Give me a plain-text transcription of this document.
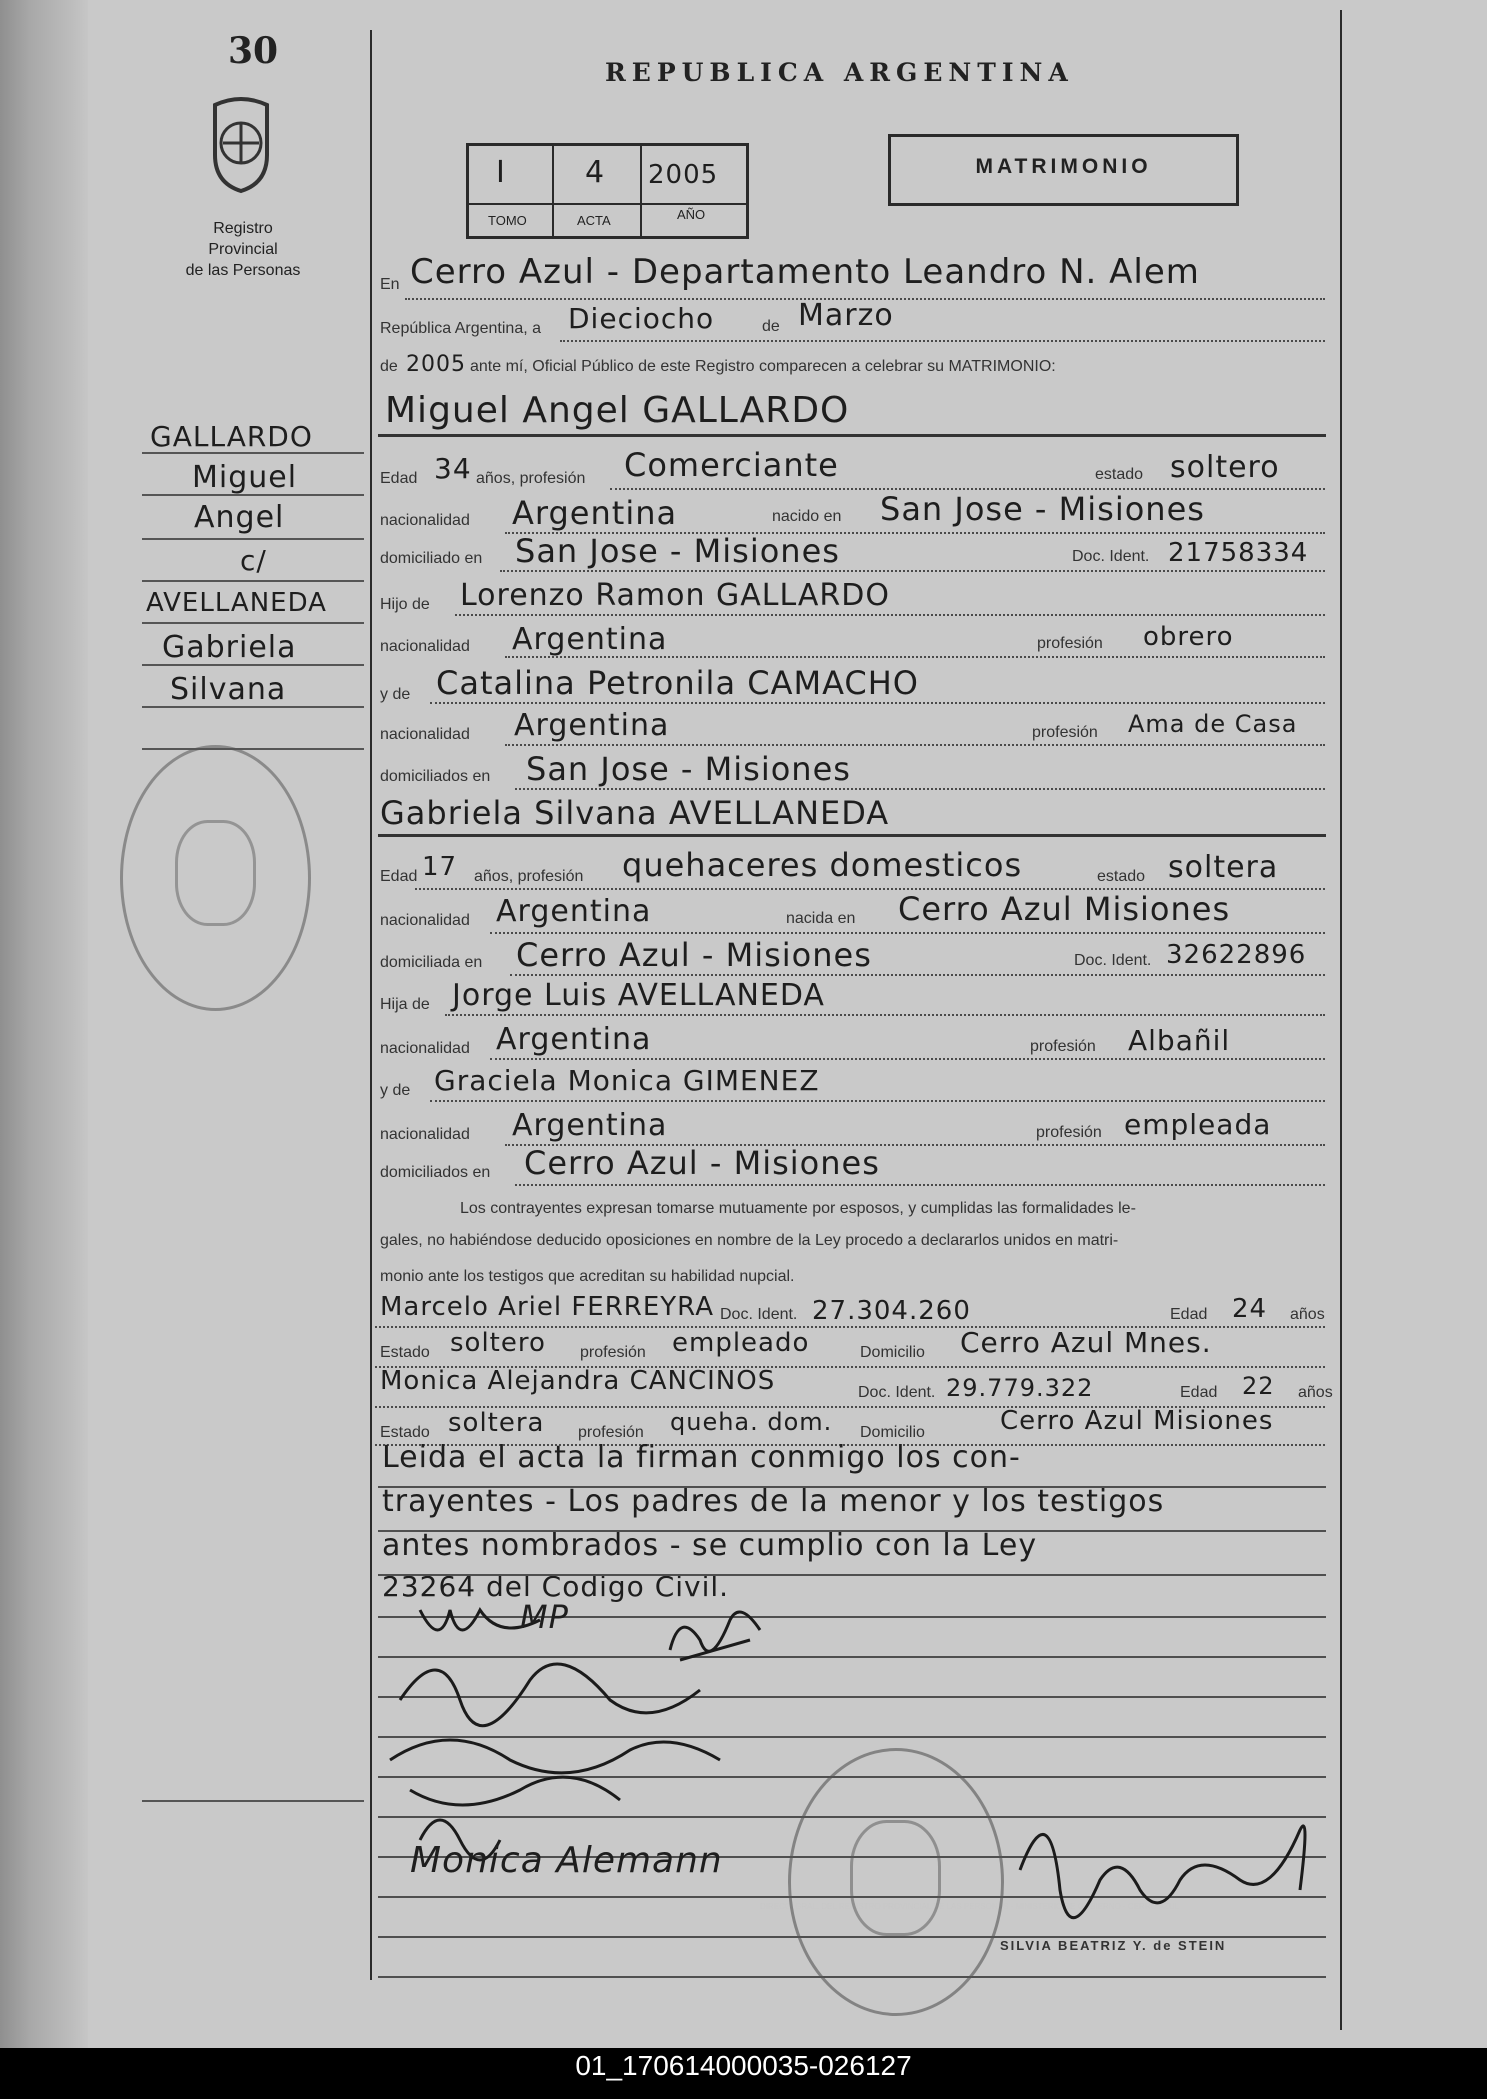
30
Registro Provincial
de las Personas
REPUBLICA ARGENTINA
I	4 2005
TOMO	ACTA	AÑO
MATRIMONIO
En Cerro Azul - Departamento Leandro N. Alem
República Argentina, a Dieciocho	de Marzo
de 2005 ante mí, Oficial Público de este Registro comparecen a celebrar su MATRIMONIO:
GALLARDO
Miguel
Angel
c/
AVELLANEDA
Gabriela
Silvana
Miguel Angel GALLARDO
Edad 34 años, profesión Comerciante	estado soltero
nacionalidad Argentina	nacido en San Jose - Misiones
domiciliado en San Jose - Misiones	Doc. Ident. 21758334
Hijo de Lorenzo Ramon GALLARDO
nacionalidad Argentina	profesión obrero
y de Catalina Petronila CAMACHO
nacionalidad Argentina	profesión Ama de Casa
domiciliados en San Jose - Misiones
Gabriela Silvana AVELLANEDA
Edad 17 años, profesión quehaceres domesticos	estado soltera
nacionalidad Argentina	nacida en Cerro Azul Misiones
domiciliada en Cerro Azul - Misiones	Doc. Ident. 32622896
Hija de Jorge Luis AVELLANEDA
nacionalidad Argentina	profesión Albañil
y de Graciela Monica GIMENEZ
nacionalidad Argentina	profesión empleada
domiciliados en Cerro Azul - Misiones
Los contrayentes expresan tomarse mutuamente por esposos, y cumplidas las formalidades le-
gales, no habiéndose deducido oposiciones en nombre de la Ley procedo a declararlos unidos en matri-
monio ante los testigos que acreditan su habilidad nupcial.
Marcelo Ariel FERREYRA Doc. Ident. 27.304.260	Edad 24 años
Estado soltero profesión empleado	Domicilio Cerro Azul Mnes.
Monica Alejandra CANCINOS	Doc. Ident. 29.779.322	Edad 22 años
Estado soltera profesión queha. dom. Domicilio	Cerro Azul Misiones
Leida el acta la firman conmigo los con-
trayentes - Los padres de la menor y los testigos
antes nombrados - se cumplio con la Ley
23264 del Codigo Civil.
MP
Monica Alemann
SILVIA BEATRIZ Y. de STEIN
01_170614000035-026127
